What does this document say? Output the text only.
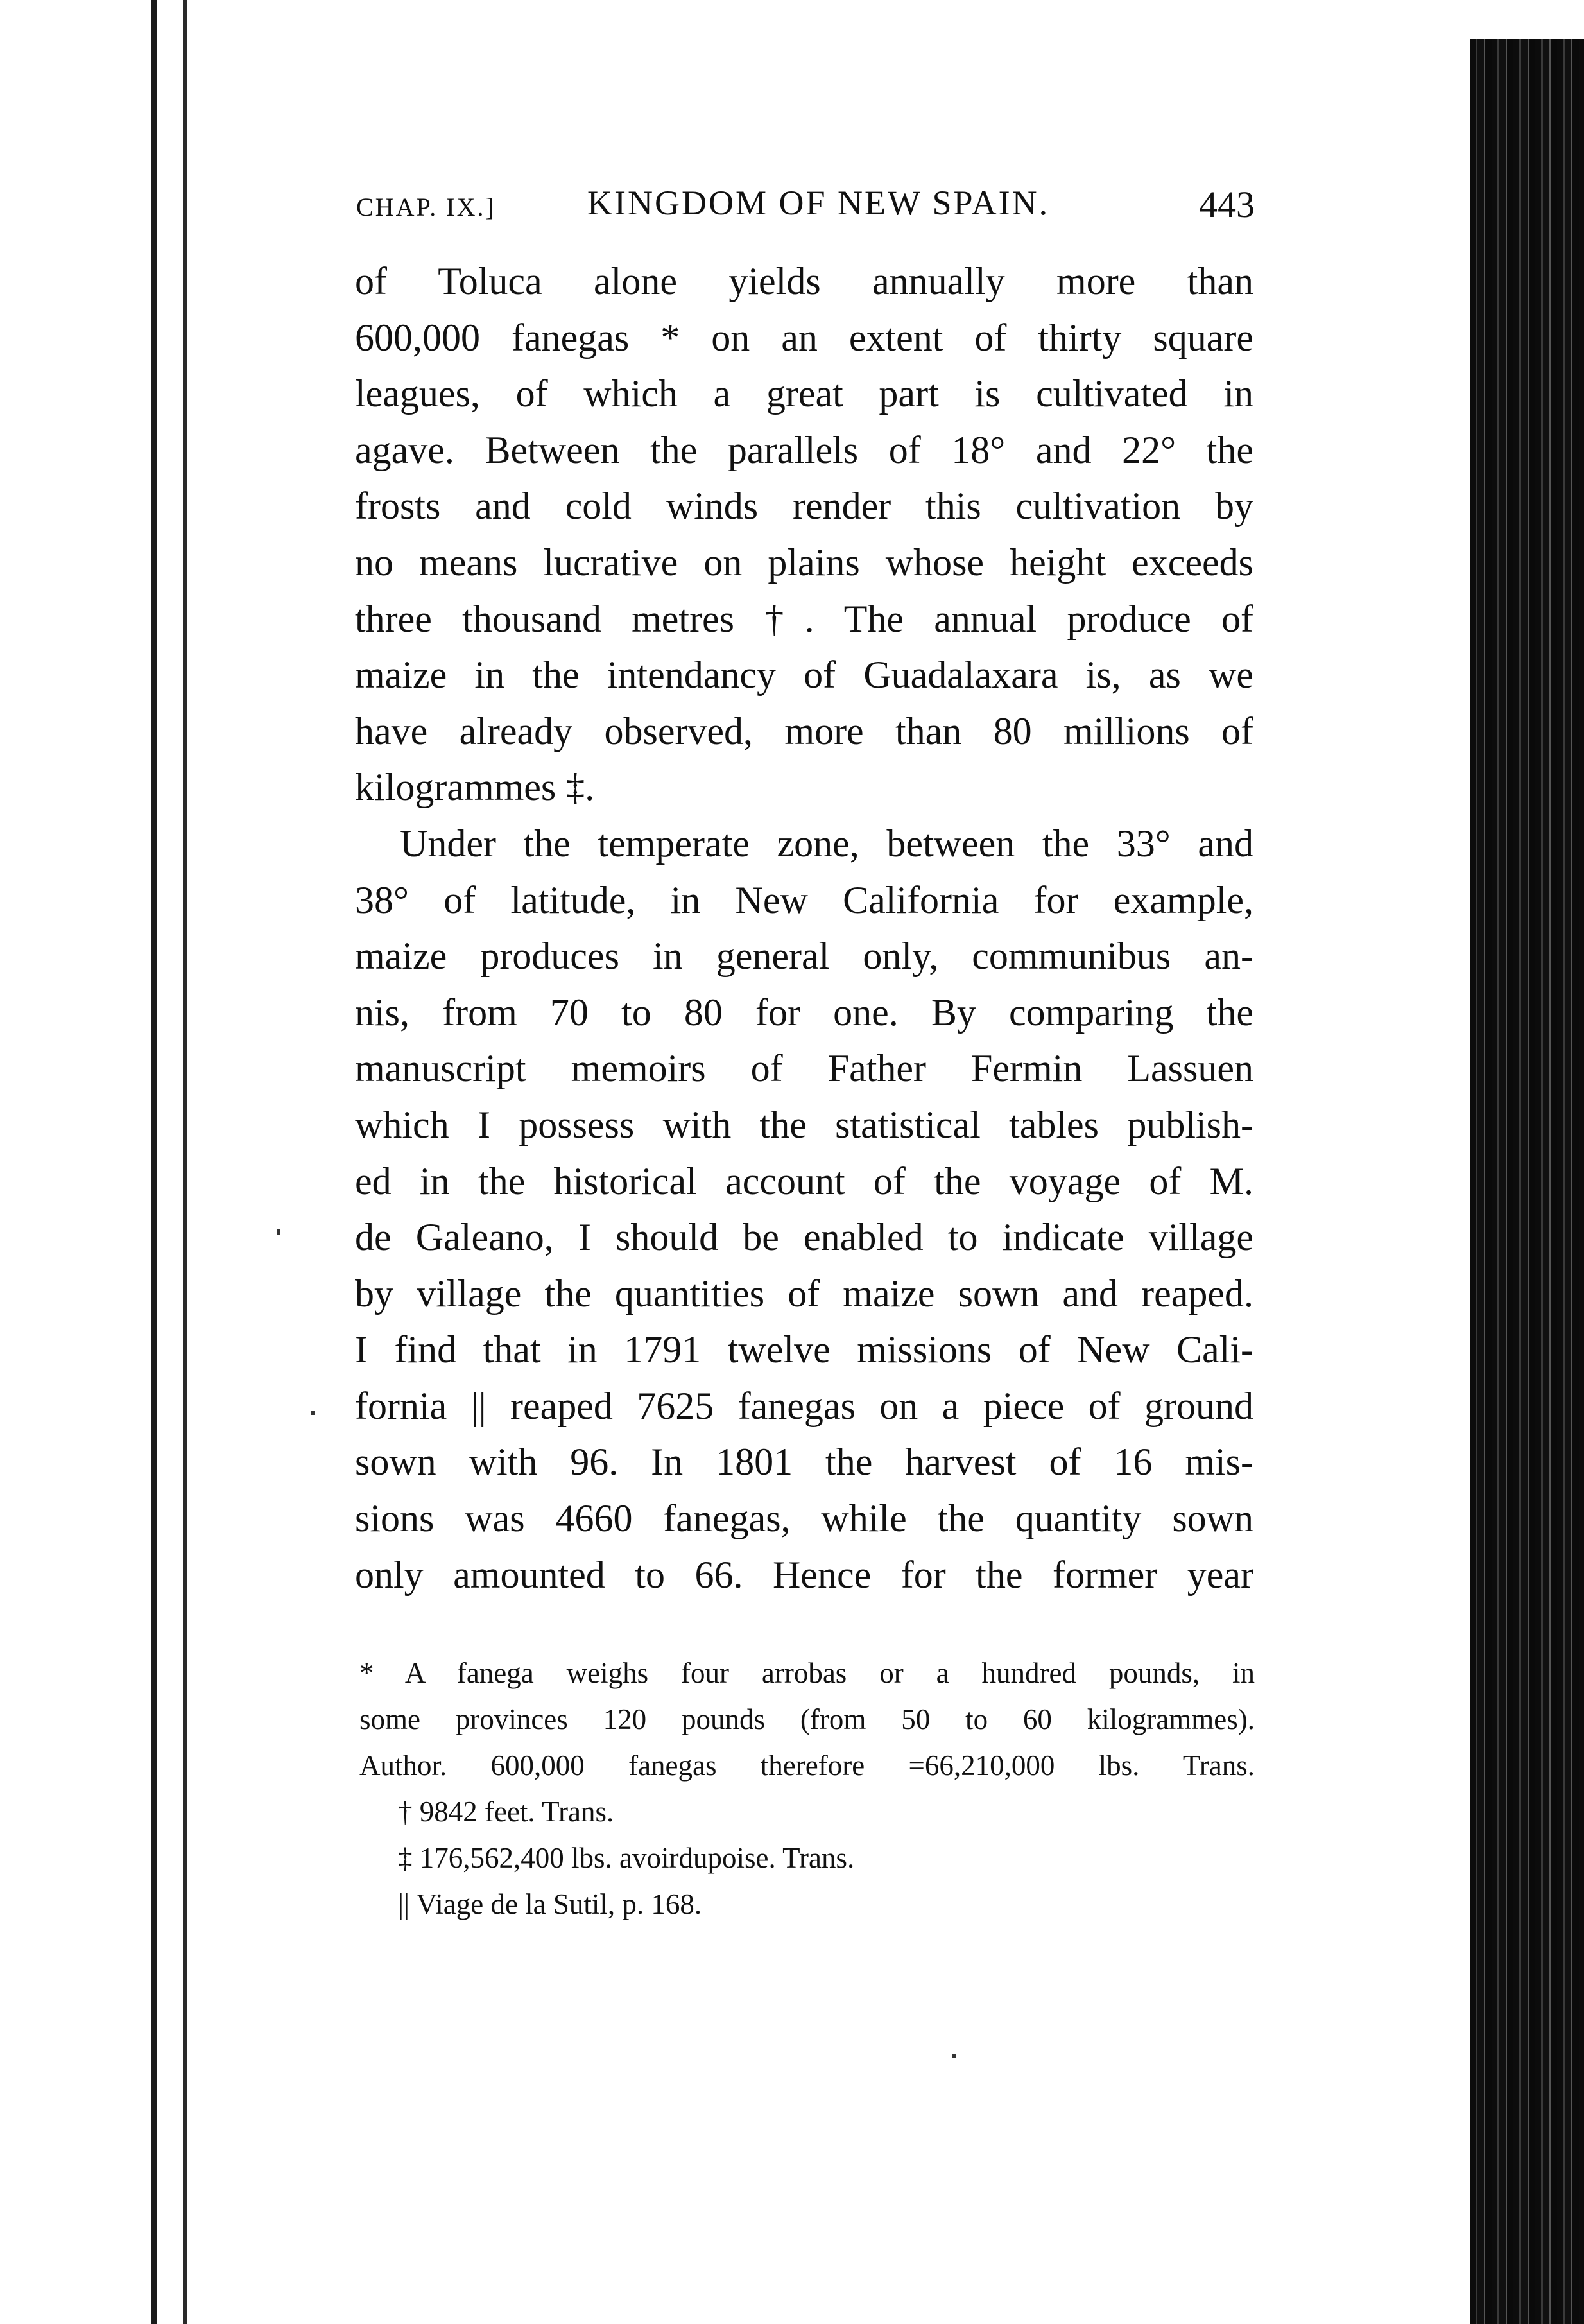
CHAP. IX.]	KINGDOM OF NEW SPAIN.	443
of Toluca alone yields annually more than
600,000 fanegas * on an extent of thirty square
leagues, of which a great part is cultivated in
agave. Between the parallels of 18° and 22° the
frosts and cold winds render this cultivation by
no means lucrative on plains whose height exceeds
three thousand metres †. The annual produce of
maize in the intendancy of Guadalaxara is, as we
have already observed, more than 80 millions of
kilogrammes ‡.
Under the temperate zone, between the 33° and
38° of latitude, in New California for example,
maize produces in general only, communibus an-
nis, from 70 to 80 for one. By comparing the
manuscript memoirs of Father Fermin Lassuen
which I possess with the statistical tables publish-
ed in the historical account of the voyage of M.
de Galeano, I should be enabled to indicate village
by village the quantities of maize sown and reaped.
I find that in 1791 twelve missions of New Cali-
fornia || reaped 7625 fanegas on a piece of ground
sown with 96. In 1801 the harvest of 16 mis-
sions was 4660 fanegas, while the quantity sown
only amounted to 66. Hence for the former year
* A fanega weighs four arrobas or a hundred pounds, in
some provinces 120 pounds (from 50 to 60 kilogrammes).
Author. 600,000 fanegas therefore =66,210,000 lbs. Trans.
† 9842 feet. Trans.
‡ 176,562,400 lbs. avoirdupoise. Trans.
|| Viage de la Sutil, p. 168.
